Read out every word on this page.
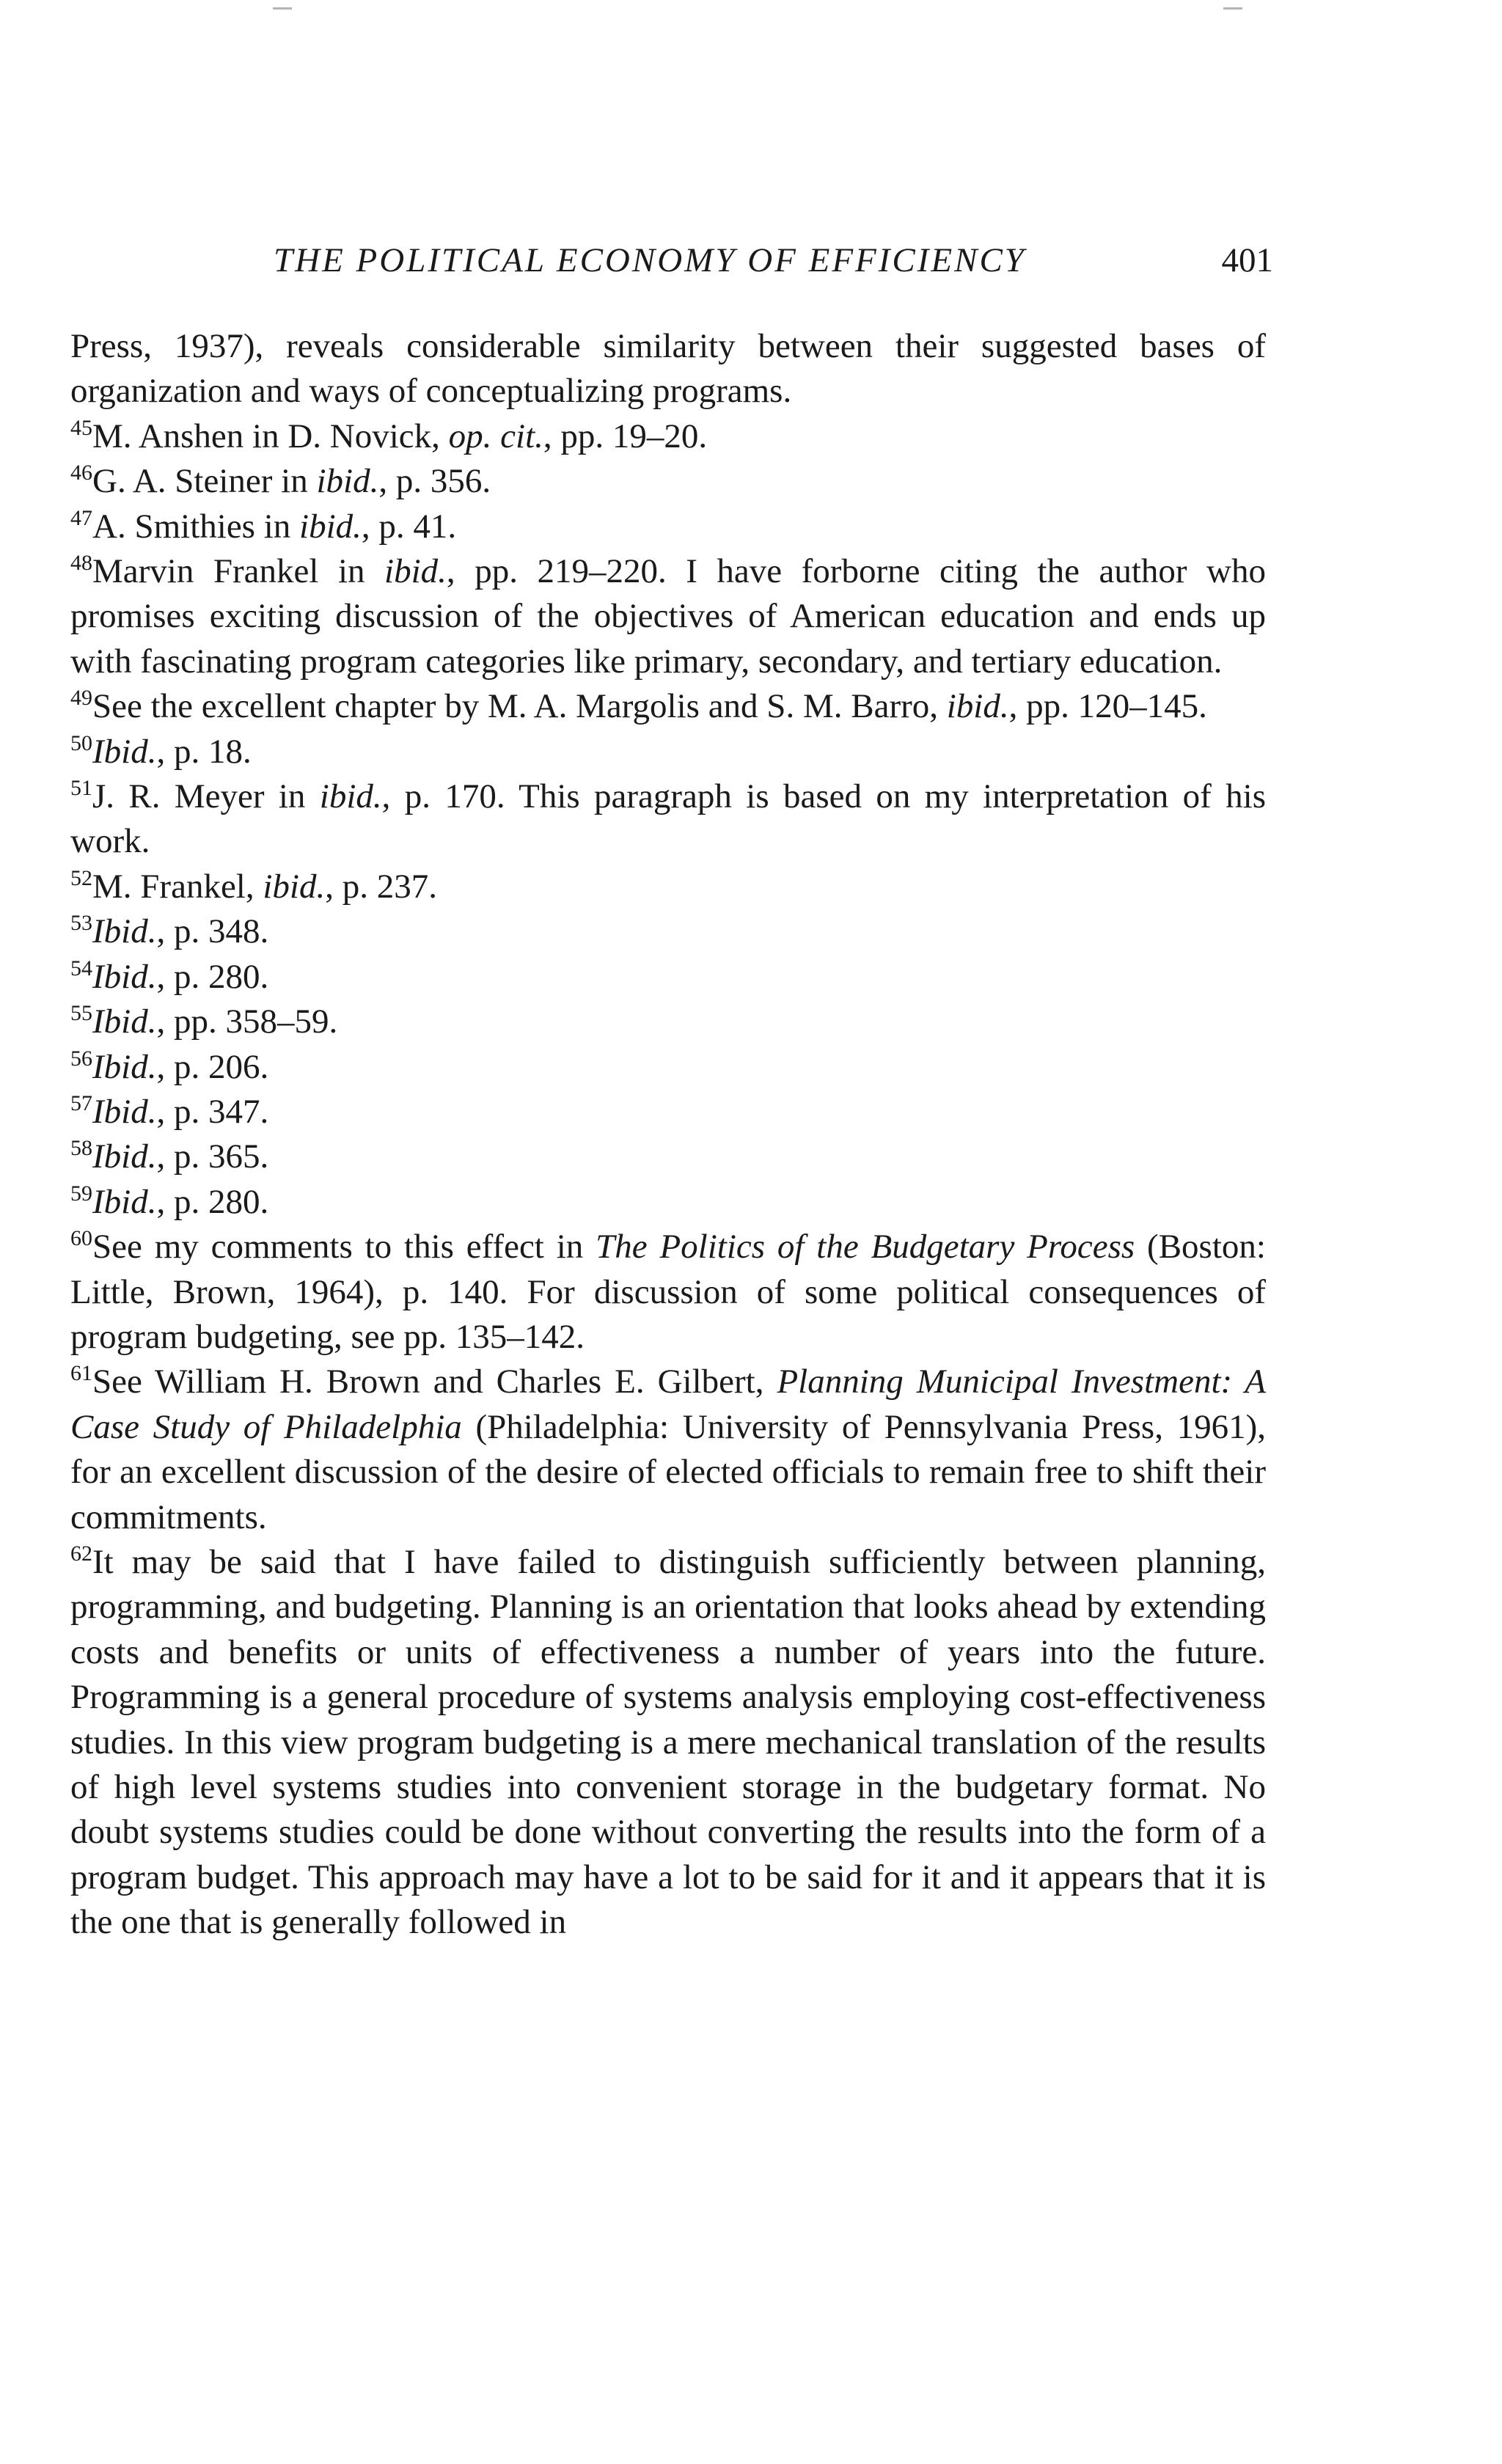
THE POLITICAL ECONOMY OF EFFICIENCY	401

Press, 1937), reveals considerable similarity between their suggested bases of organization and ways of conceptualizing programs.

$^{45}$M. Anshen in D. Novick, op. cit., pp. 19–20.

$^{46}$G. A. Steiner in ibid., p. 356.

$^{47}$A. Smithies in ibid., p. 41.

$^{48}$Marvin Frankel in ibid., pp. 219–220. I have forborne citing the author who promises exciting discussion of the objectives of American education and ends up with fascinating program categories like primary, secondary, and tertiary education.

$^{49}$See the excellent chapter by M. A. Margolis and S. M. Barro, ibid., pp. 120–145.

$^{50}$Ibid., p. 18.

$^{51}$J. R. Meyer in ibid., p. 170. This paragraph is based on my interpretation of his work.

$^{52}$M. Frankel, ibid., p. 237.

$^{53}$Ibid., p. 348.

$^{54}$Ibid., p. 280.

$^{55}$Ibid., pp. 358–59.

$^{56}$Ibid., p. 206.

$^{57}$Ibid., p. 347.

$^{58}$Ibid., p. 365.

$^{59}$Ibid., p. 280.

$^{60}$See my comments to this effect in The Politics of the Budgetary Process (Boston: Little, Brown, 1964), p. 140. For discussion of some political consequences of program budgeting, see pp. 135–142.

$^{61}$See William H. Brown and Charles E. Gilbert, Planning Municipal Investment: A Case Study of Philadelphia (Philadelphia: University of Pennsylvania Press, 1961), for an excellent discussion of the desire of elected officials to remain free to shift their commitments.

$^{62}$It may be said that I have failed to distinguish sufficiently between planning, programming, and budgeting. Planning is an orientation that looks ahead by extending costs and benefits or units of effectiveness a number of years into the future. Programming is a general procedure of systems analysis employing cost-effectiveness studies. In this view program budgeting is a mere mechanical translation of the results of high level systems studies into convenient storage in the budgetary format. No doubt systems studies could be done without converting the results into the form of a program budget. This approach may have a lot to be said for it and it appears that it is the one that is generally followed in
